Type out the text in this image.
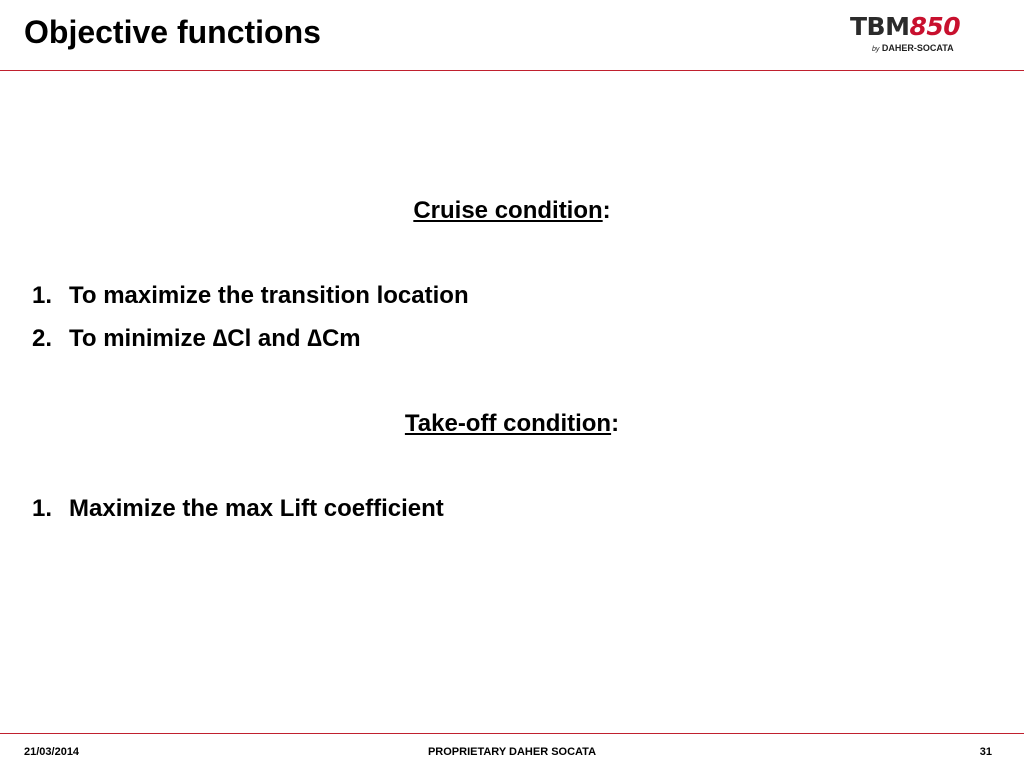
Objective functions	TBM850
by DAHER-SOCATA
Cruise condition:
1. To maximize the transition location
2. To minimize ∆Cl and ∆Cm
Take-off condition:
1. Maximize the max Lift coefficient
21/03/2014	PROPRIETARY DAHER SOCATA	31
